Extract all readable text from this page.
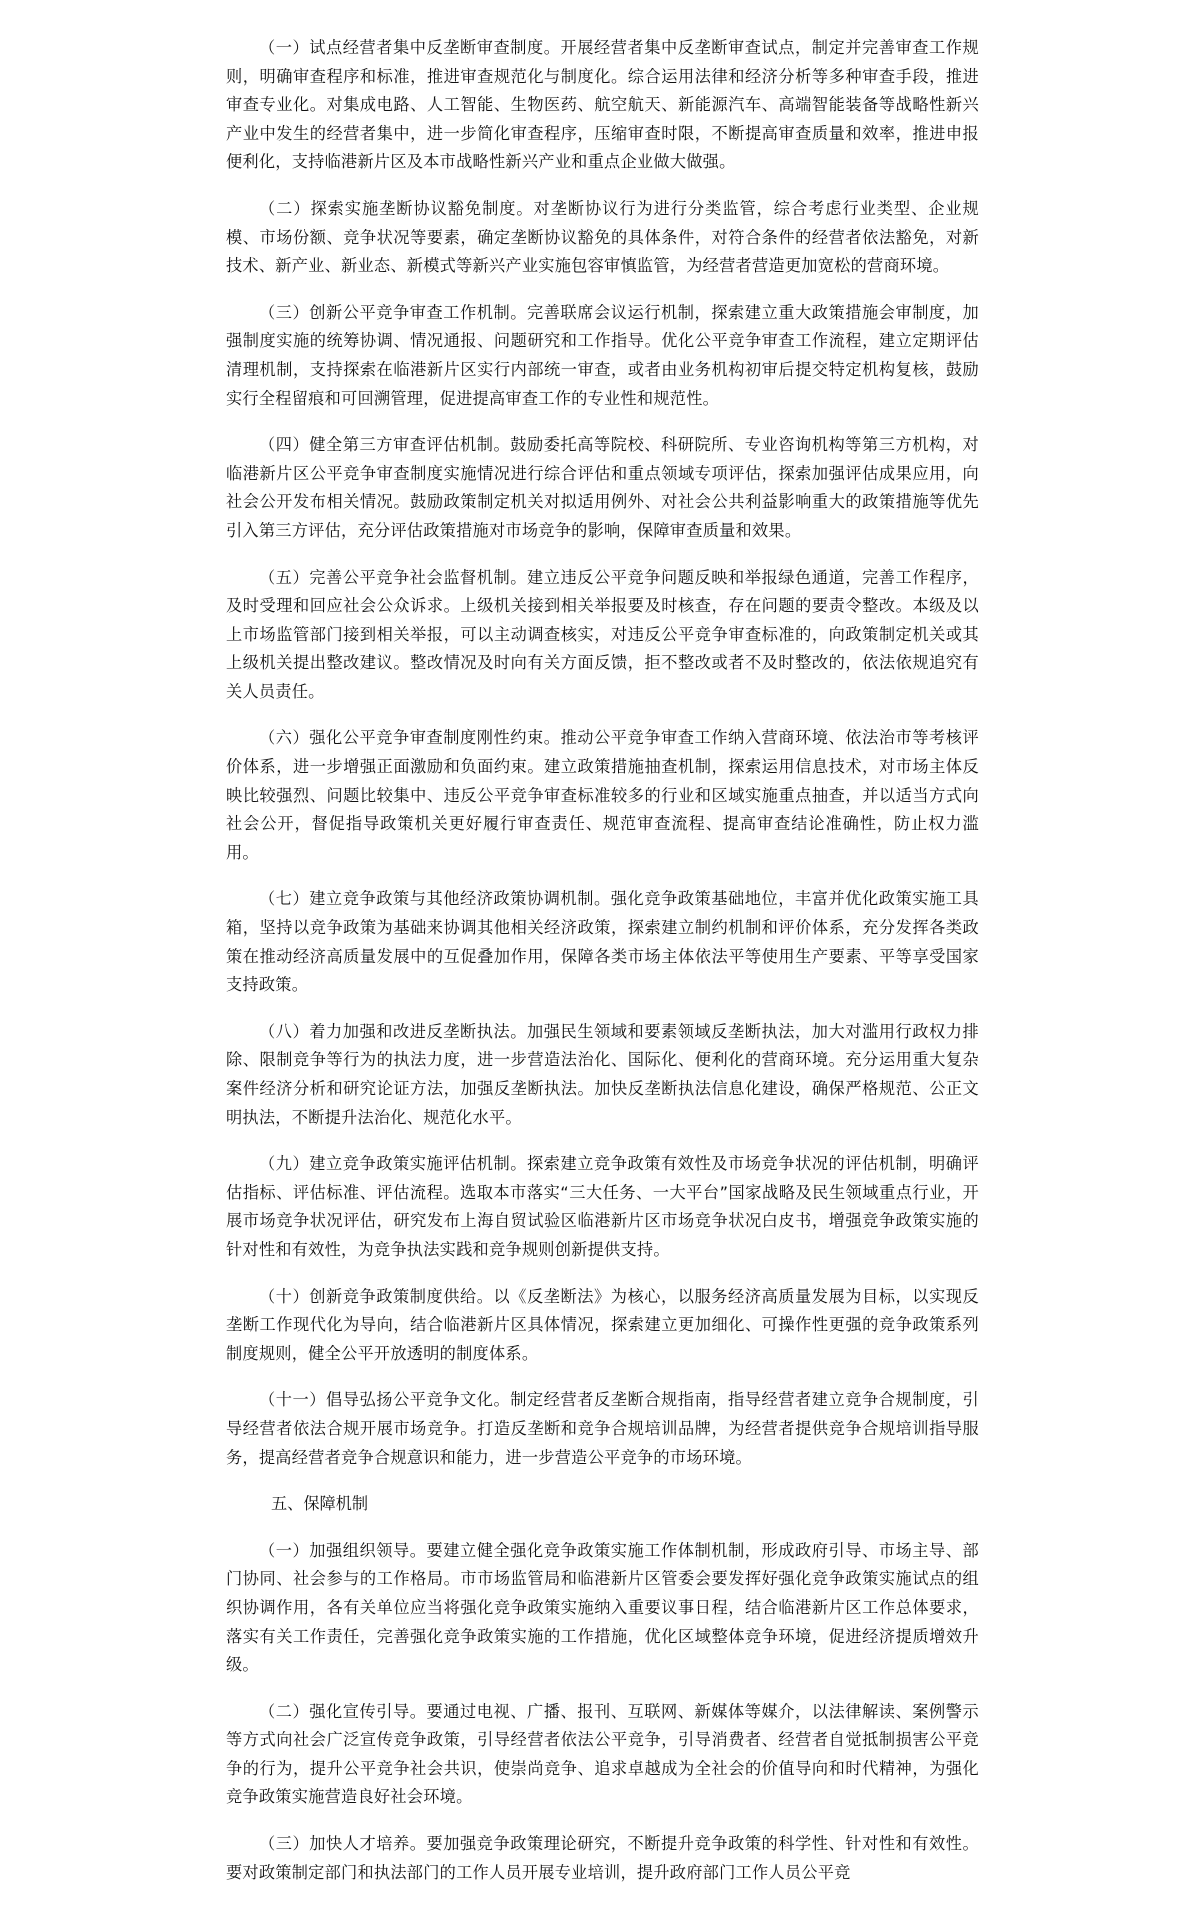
（一）试点经营者集中反垄断审查制度。开展经营者集中反垄断审查试点，制定并完善审查工作规则，明确审查程序和标准，推进审查规范化与制度化。综合运用法律和经济分析等多种审查手段，推进审查专业化。对集成电路、人工智能、生物医药、航空航天、新能源汽车、高端智能装备等战略性新兴产业中发生的经营者集中，进一步简化审查程序，压缩审查时限，不断提高审查质量和效率，推进申报便利化，支持临港新片区及本市战略性新兴产业和重点企业做大做强。

（二）探索实施垄断协议豁免制度。对垄断协议行为进行分类监管，综合考虑行业类型、企业规模、市场份额、竞争状况等要素，确定垄断协议豁免的具体条件，对符合条件的经营者依法豁免，对新技术、新产业、新业态、新模式等新兴产业实施包容审慎监管，为经营者营造更加宽松的营商环境。

（三）创新公平竞争审查工作机制。完善联席会议运行机制，探索建立重大政策措施会审制度，加强制度实施的统筹协调、情况通报、问题研究和工作指导。优化公平竞争审查工作流程，建立定期评估清理机制，支持探索在临港新片区实行内部统一审查，或者由业务机构初审后提交特定机构复核，鼓励实行全程留痕和可回溯管理，促进提高审查工作的专业性和规范性。

（四）健全第三方审查评估机制。鼓励委托高等院校、科研院所、专业咨询机构等第三方机构，对临港新片区公平竞争审查制度实施情况进行综合评估和重点领域专项评估，探索加强评估成果应用，向社会公开发布相关情况。鼓励政策制定机关对拟适用例外、对社会公共利益影响重大的政策措施等优先引入第三方评估，充分评估政策措施对市场竞争的影响，保障审查质量和效果。

（五）完善公平竞争社会监督机制。建立违反公平竞争问题反映和举报绿色通道，完善工作程序，及时受理和回应社会公众诉求。上级机关接到相关举报要及时核查，存在问题的要责令整改。本级及以上市场监管部门接到相关举报，可以主动调查核实，对违反公平竞争审查标准的，向政策制定机关或其上级机关提出整改建议。整改情况及时向有关方面反馈，拒不整改或者不及时整改的，依法依规追究有关人员责任。

（六）强化公平竞争审查制度刚性约束。推动公平竞争审查工作纳入营商环境、依法治市等考核评价体系，进一步增强正面激励和负面约束。建立政策措施抽查机制，探索运用信息技术，对市场主体反映比较强烈、问题比较集中、违反公平竞争审查标准较多的行业和区域实施重点抽查，并以适当方式向社会公开，督促指导政策机关更好履行审查责任、规范审查流程、提高审查结论准确性，防止权力滥用。

（七）建立竞争政策与其他经济政策协调机制。强化竞争政策基础地位，丰富并优化政策实施工具箱，坚持以竞争政策为基础来协调其他相关经济政策，探索建立制约机制和评价体系，充分发挥各类政策在推动经济高质量发展中的互促叠加作用，保障各类市场主体依法平等使用生产要素、平等享受国家支持政策。

（八）着力加强和改进反垄断执法。加强民生领域和要素领域反垄断执法，加大对滥用行政权力排除、限制竞争等行为的执法力度，进一步营造法治化、国际化、便利化的营商环境。充分运用重大复杂案件经济分析和研究论证方法，加强反垄断执法。加快反垄断执法信息化建设，确保严格规范、公正文明执法，不断提升法治化、规范化水平。

（九）建立竞争政策实施评估机制。探索建立竞争政策有效性及市场竞争状况的评估机制，明确评估指标、评估标准、评估流程。选取本市落实“三大任务、一大平台”国家战略及民生领域重点行业，开展市场竞争状况评估，研究发布上海自贸试验区临港新片区市场竞争状况白皮书，增强竞争政策实施的针对性和有效性，为竞争执法实践和竞争规则创新提供支持。

（十）创新竞争政策制度供给。以《反垄断法》为核心，以服务经济高质量发展为目标，以实现反垄断工作现代化为导向，结合临港新片区具体情况，探索建立更加细化、可操作性更强的竞争政策系列制度规则，健全公平开放透明的制度体系。

（十一）倡导弘扬公平竞争文化。制定经营者反垄断合规指南，指导经营者建立竞争合规制度，引导经营者依法合规开展市场竞争。打造反垄断和竞争合规培训品牌，为经营者提供竞争合规培训指导服务，提高经营者竞争合规意识和能力，进一步营造公平竞争的市场环境。

五、保障机制

（一）加强组织领导。要建立健全强化竞争政策实施工作体制机制，形成政府引导、市场主导、部门协同、社会参与的工作格局。市市场监管局和临港新片区管委会要发挥好强化竞争政策实施试点的组织协调作用，各有关单位应当将强化竞争政策实施纳入重要议事日程，结合临港新片区工作总体要求，落实有关工作责任，完善强化竞争政策实施的工作措施，优化区域整体竞争环境，促进经济提质增效升级。

（二）强化宣传引导。要通过电视、广播、报刊、互联网、新媒体等媒介，以法律解读、案例警示等方式向社会广泛宣传竞争政策，引导经营者依法公平竞争，引导消费者、经营者自觉抵制损害公平竞争的行为，提升公平竞争社会共识，使崇尚竞争、追求卓越成为全社会的价值导向和时代精神，为强化竞争政策实施营造良好社会环境。

（三）加快人才培养。要加强竞争政策理论研究，不断提升竞争政策的科学性、针对性和有效性。要对政策制定部门和执法部门的工作人员开展专业培训，提升政府部门工作人员公平竞
